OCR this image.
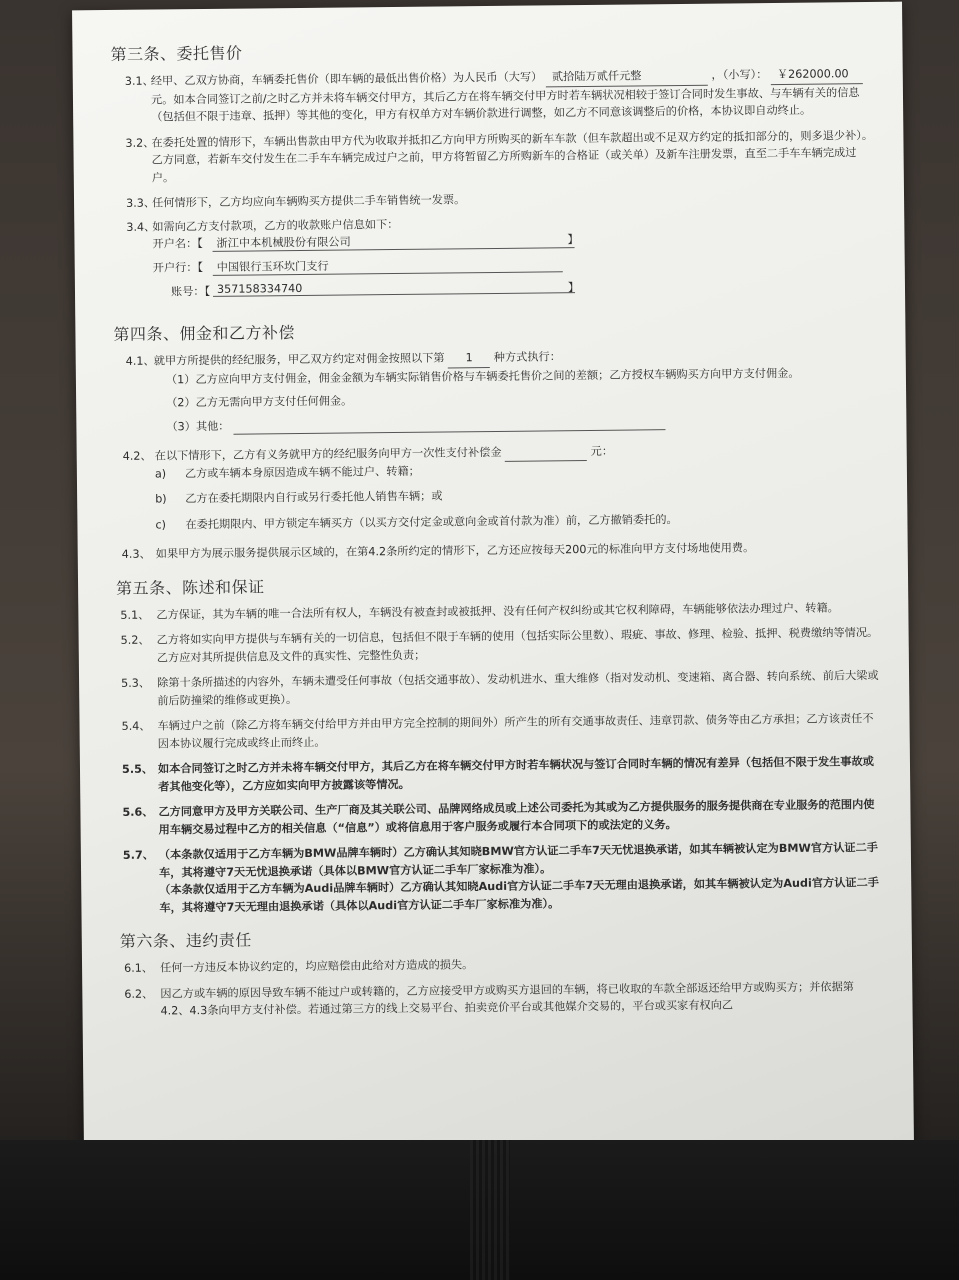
第三条、委托售价
3.1、
经甲、乙双方协商，车辆委托售价（即车辆的最低出售价格）为人民币（大写） 贰拾陆万贰仟元整	，（小写）： ￥262000.00 元。如本合同签订之前/之时乙方并未将车辆交付甲方，其后乙方在将车辆交付甲方时若车辆状况相较于签订合同时发生事故、与车辆有关的信息（包括但不限于违章、抵押）等其他的变化，甲方有权单方对车辆价款进行调整，如乙方不同意该调整后的价格，本协议即自动终止。
3.2、
在委托处置的情形下，车辆出售款由甲方代为收取并抵扣乙方向甲方所购买的新车车款（但车款超出或不足双方约定的抵扣部分的，则多退少补）。乙方同意，若新车交付发生在二手车车辆完成过户之前，甲方将暂留乙方所购新车的合格证（或关单）及新车注册发票，直至二手车车辆完成过户。
3.3、
任何情形下，乙方均应向车辆购买方提供二手车销售统一发票。
3.4、
如需向乙方支付款项，乙方的收款账户信息如下：
开户名：【	浙江中本机械股份有限公司	】
开户行：【	中国银行玉环坎门支行
账号：【 357158334740	】
第四条、佣金和乙方补偿
4.1、
就甲方所提供的经纪服务，甲乙双方约定对佣金按照以下第 1 种方式执行：
（1）乙方应向甲方支付佣金，佣金金额为车辆实际销售价格与车辆委托售价之间的差额；乙方授权车辆购买方向甲方支付佣金。
（2）乙方无需向甲方支付任何佣金。
（3）其他：
4.2、 在以下情形下，乙方有义务就甲方的经纪服务向甲方一次性支付补偿金	元：
a) 乙方或车辆本身原因造成车辆不能过户、转籍；
b) 乙方在委托期限内自行或另行委托他人销售车辆；或
c) 在委托期限内、甲方锁定车辆买方（以买方交付定金或意向金或首付款为准）前，乙方撤销委托的。
4.3、 如果甲方为展示服务提供展示区域的，在第4.2条所约定的情形下，乙方还应按每天200元的标准向甲方支付场地使用费。
第五条、陈述和保证
5.1、 乙方保证，其为车辆的唯一合法所有权人，车辆没有被查封或被抵押、没有任何产权纠纷或其它权利障碍，车辆能够依法办理过户、转籍。
5.2、 乙方将如实向甲方提供与车辆有关的一切信息，包括但不限于车辆的使用（包括实际公里数）、瑕疵、事故、修理、检验、抵押、税费缴纳等情况。乙方应对其所提供信息及文件的真实性、完整性负责；
5.3、 除第十条所描述的内容外，车辆未遭受任何事故（包括交通事故）、发动机进水、重大维修（指对发动机、变速箱、离合器、转向系统、前后大梁或前后防撞梁的维修或更换）。
5.4、 车辆过户之前（除乙方将车辆交付给甲方并由甲方完全控制的期间外）所产生的所有交通事故责任、违章罚款、债务等由乙方承担；乙方该责任不因本协议履行完成或终止而终止。
5.5、 如本合同签订之时乙方并未将车辆交付甲方，其后乙方在将车辆交付甲方时若车辆状况与签订合同时车辆的情况有差异（包括但不限于发生事故或者其他变化等），乙方应如实向甲方披露该等情况。
5.6、 乙方同意甲方及甲方关联公司、生产厂商及其关联公司、品牌网络成员或上述公司委托为其或为乙方提供服务的服务提供商在专业服务的范围内使用车辆交易过程中乙方的相关信息（“信息”）或将信息用于客户服务或履行本合同项下的或法定的义务。
5.7、 （本条款仅适用于乙方车辆为BMW品牌车辆时）乙方确认其知晓BMW官方认证二手车7天无忧退换承诺，如其车辆被认定为BMW官方认证二手车，其将遵守7天无忧退换承诺（具体以BMW官方认证二手车厂家标准为准）。
（本条款仅适用于乙方车辆为Audi品牌车辆时）乙方确认其知晓Audi官方认证二手车7天无理由退换承诺，如其车辆被认定为Audi官方认证二手车，其将遵守7天无理由退换承诺（具体以Audi官方认证二手车厂家标准为准）。
第六条、违约责任
6.1、 任何一方违反本协议约定的，均应赔偿由此给对方造成的损失。
6.2、 因乙方或车辆的原因导致车辆不能过户或转籍的，乙方应接受甲方或购买方退回的车辆，将已收取的车款全部返还给甲方或购买方；并依据第4.2、4.3条向甲方支付补偿。若通过第三方的线上交易平台、拍卖竞价平台或其他媒介交易的，平台或买家有权向乙
